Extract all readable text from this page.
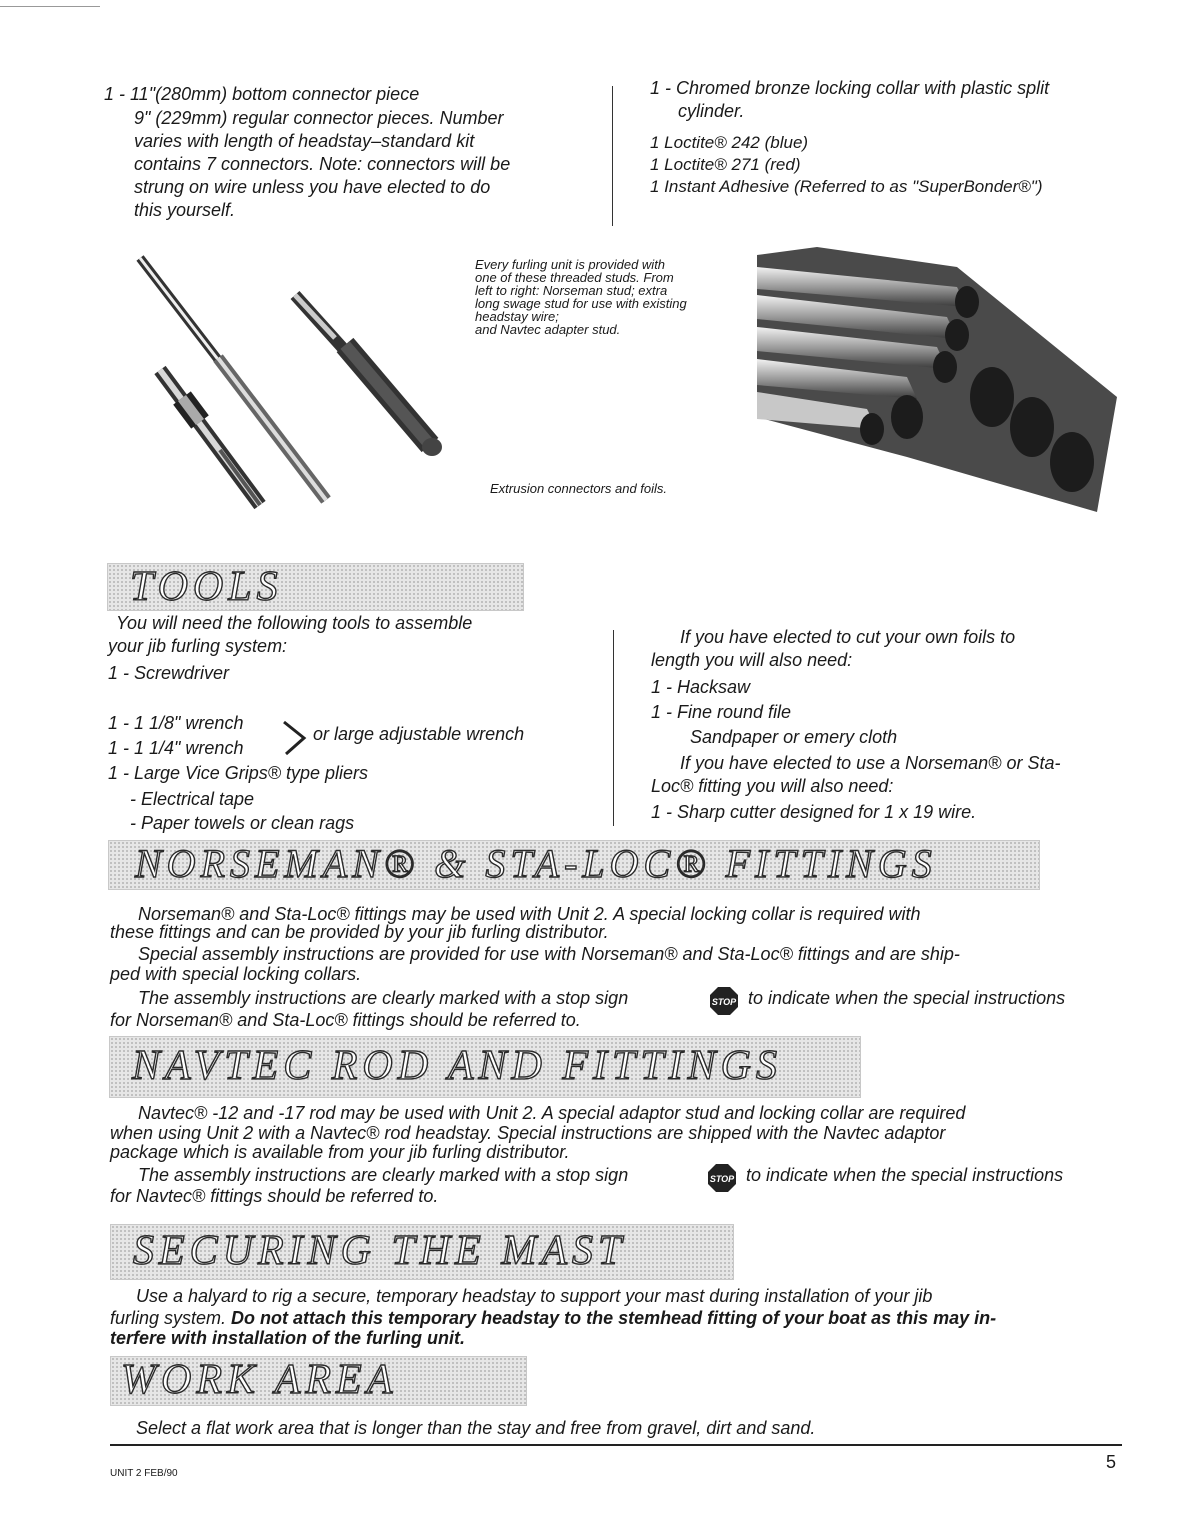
1 - 11"(280mm) bottom connector piece
9" (229mm) regular connector pieces. Number
varies with length of headstay–standard kit
contains 7 connectors. Note: connectors will be
strung on wire unless you have elected to do
this yourself.
1 - Chromed bronze locking collar with plastic split
cylinder.
1 Loctite® 242 (blue)
1 Loctite® 271 (red)
1 Instant Adhesive (Referred to as "SuperBonder®")
Every furling unit is provided with
one of these threaded studs. From
left to right: Norseman stud; extra
long swage stud for use with existing
headstay wire;
and Navtec adapter stud.
Extrusion connectors and foils.
TOOLS
You will need the following tools to assemble
your jib furling system:
1 - Screwdriver
1 - 1 1/8" wrench
1 - 1 1/4" wrench
or large adjustable wrench
1 - Large Vice Grips® type pliers
- Electrical tape
- Paper towels or clean rags
If you have elected to cut your own foils to
length you will also need:
1 - Hacksaw
1 - Fine round file
Sandpaper or emery cloth
If you have elected to use a Norseman® or Sta-
Loc® fitting you will also need:
1 - Sharp cutter designed for 1 x 19 wire.
NORSEMAN® & STA-LOC® FITTINGS
Norseman® and Sta-Loc® fittings may be used with Unit 2. A special locking collar is required with
these fittings and can be provided by your jib furling distributor.
Special assembly instructions are provided for use with Norseman® and Sta-Loc® fittings and are ship-
ped with special locking collars.
The assembly instructions are clearly marked with a stop sign	STOP to indicate when the special instructions
for Norseman® and Sta-Loc® fittings should be referred to.
NAVTEC ROD AND FITTINGS
Navtec® -12 and -17 rod may be used with Unit 2. A special adaptor stud and locking collar are required
when using Unit 2 with a Navtec® rod headstay. Special instructions are shipped with the Navtec adaptor
package which is available from your jib furling distributor.
The assembly instructions are clearly marked with a stop sign	STOP to indicate when the special instructions
for Navtec® fittings should be referred to.
SECURING THE MAST
Use a halyard to rig a secure, temporary headstay to support your mast during installation of your jib
furling system. Do not attach this temporary headstay to the stemhead fitting of your boat as this may in-
terfere with installation of the furling unit.
WORK AREA
Select a flat work area that is longer than the stay and free from gravel, dirt and sand.
UNIT 2 FEB/90
5
